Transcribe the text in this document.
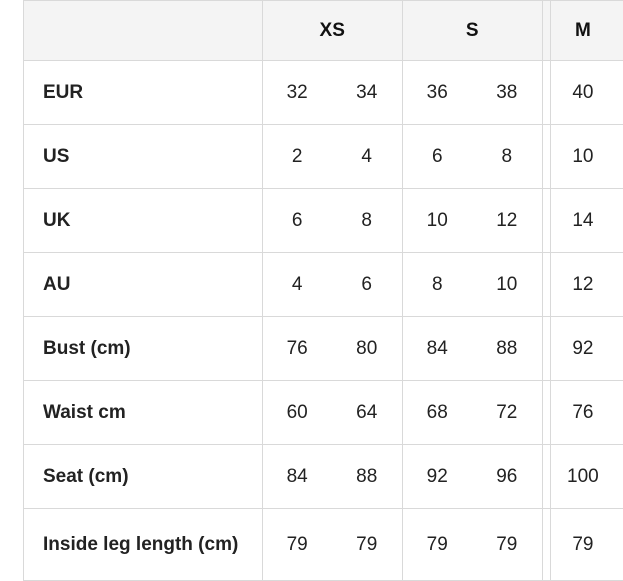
	XS		S		M
EUR	32	34	36	38	40
US	2	4	6	8	10
UK	6	8	10	12	14
AU	4	6	8	10	12
Bust (cm)	76	80	84	88	92
Waist cm	60	64	68	72	76
Seat (cm)	84	88	92	96	100
Inside leg length (cm)	79	79	79	79	79
